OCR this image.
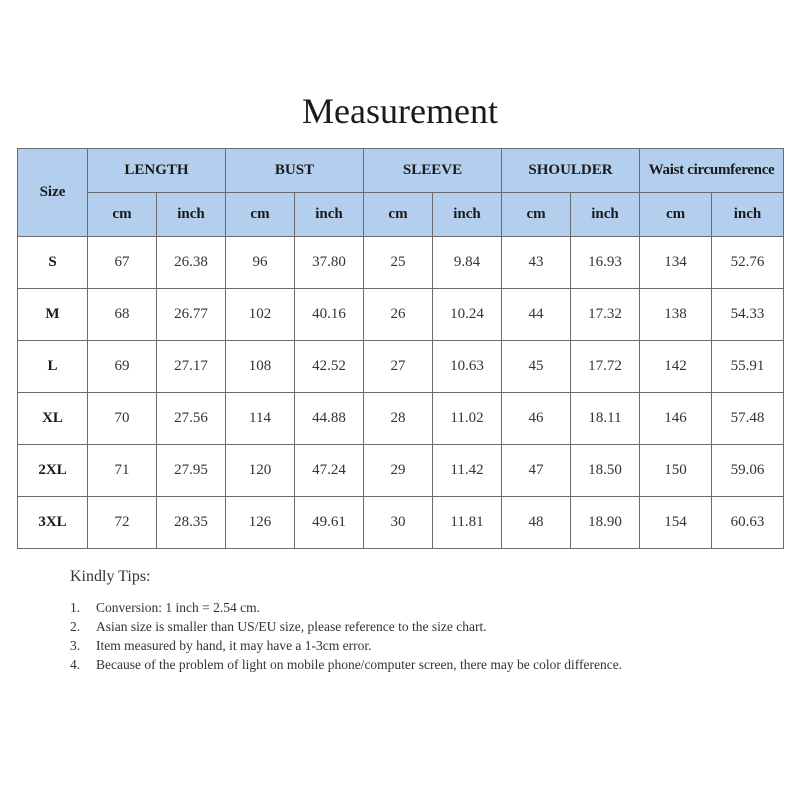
Measurement
Size	LENGTH		BUST		SLEEVE		SHOULDER		Waist circumference	
	cm	inch	cm	inch	cm	inch	cm	inch	cm	inch
S	67	26.38	96	37.80	25	9.84	43	16.93	134	52.76
M	68	26.77	102	40.16	26	10.24	44	17.32	138	54.33
L	69	27.17	108	42.52	27	10.63	45	17.72	142	55.91
XL	70	27.56	114	44.88	28	11.02	46	18.11	146	57.48
2XL	71	27.95	120	47.24	29	11.42	47	18.50	150	59.06
3XL	72	28.35	126	49.61	30	11.81	48	18.90	154	60.63
Kindly Tips:
1.	Conversion: 1 inch = 2.54 cm.
2.	Asian size is smaller than US/EU size, please reference to the size chart.
3.	Item measured by hand, it may have a 1-3cm error.
4.	Because of the problem of light on mobile phone/computer screen, there may be color difference.
